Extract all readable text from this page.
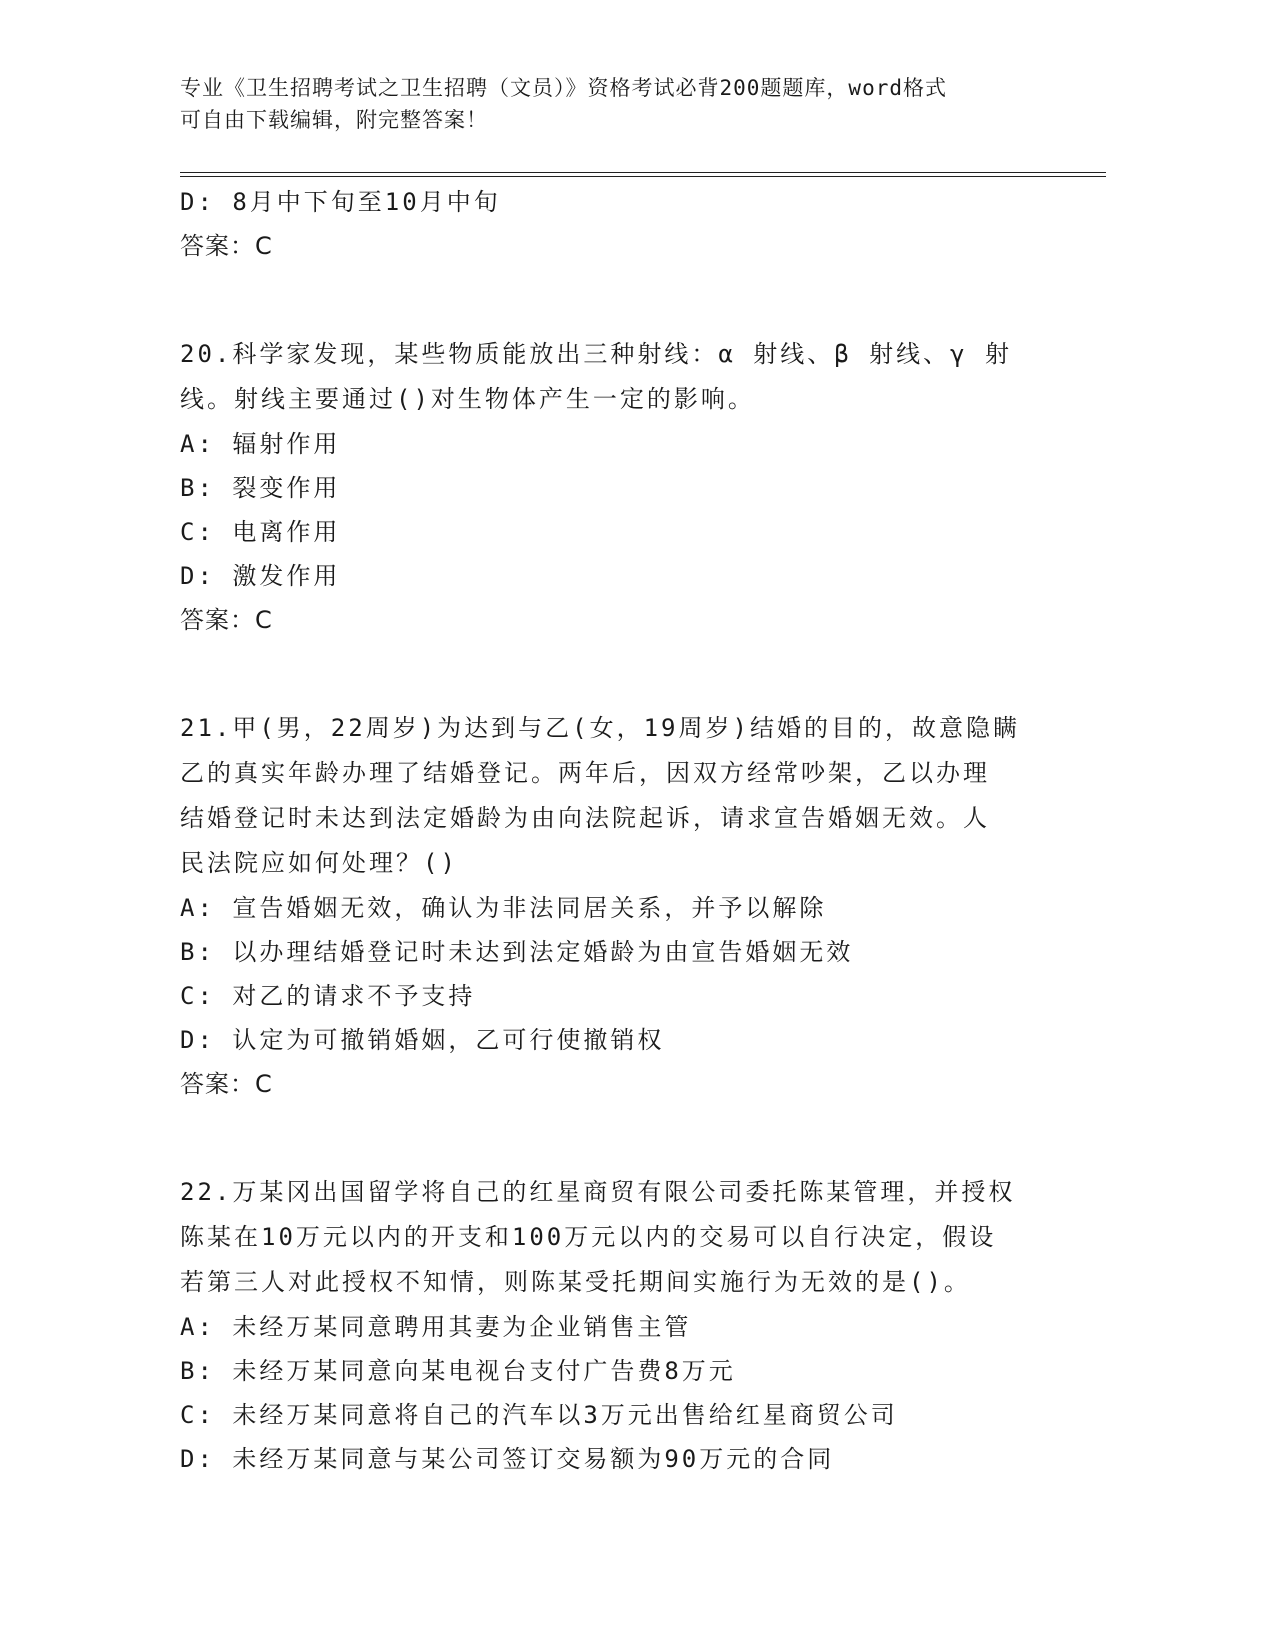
专业《卫生招聘考试之卫生招聘（文员）》资格考试必背200题题库，word格式
可自由下载编辑，附完整答案！
D: 8月中下旬至10月中旬
答案：C
20.科学家发现，某些物质能放出三种射线：α 射线、β 射线、γ 射
线。射线主要通过()对生物体产生一定的影响。
A: 辐射作用
B: 裂变作用
C: 电离作用
D: 激发作用
答案：C
21.甲(男，22周岁)为达到与乙(女，19周岁)结婚的目的，故意隐瞒
乙的真实年龄办理了结婚登记。两年后，因双方经常吵架，乙以办理
结婚登记时未达到法定婚龄为由向法院起诉，请求宣告婚姻无效。人
民法院应如何处理？()
A: 宣告婚姻无效，确认为非法同居关系，并予以解除
B: 以办理结婚登记时未达到法定婚龄为由宣告婚姻无效
C: 对乙的请求不予支持
D: 认定为可撤销婚姻，乙可行使撤销权
答案：C
22.万某冈出国留学将自己的红星商贸有限公司委托陈某管理，并授权
陈某在10万元以内的开支和100万元以内的交易可以自行决定，假设
若第三人对此授权不知情，则陈某受托期间实施行为无效的是()。
A: 未经万某同意聘用其妻为企业销售主管
B: 未经万某同意向某电视台支付广告费8万元
C: 未经万某同意将自己的汽车以3万元出售给红星商贸公司
D: 未经万某同意与某公司签订交易额为90万元的合同
